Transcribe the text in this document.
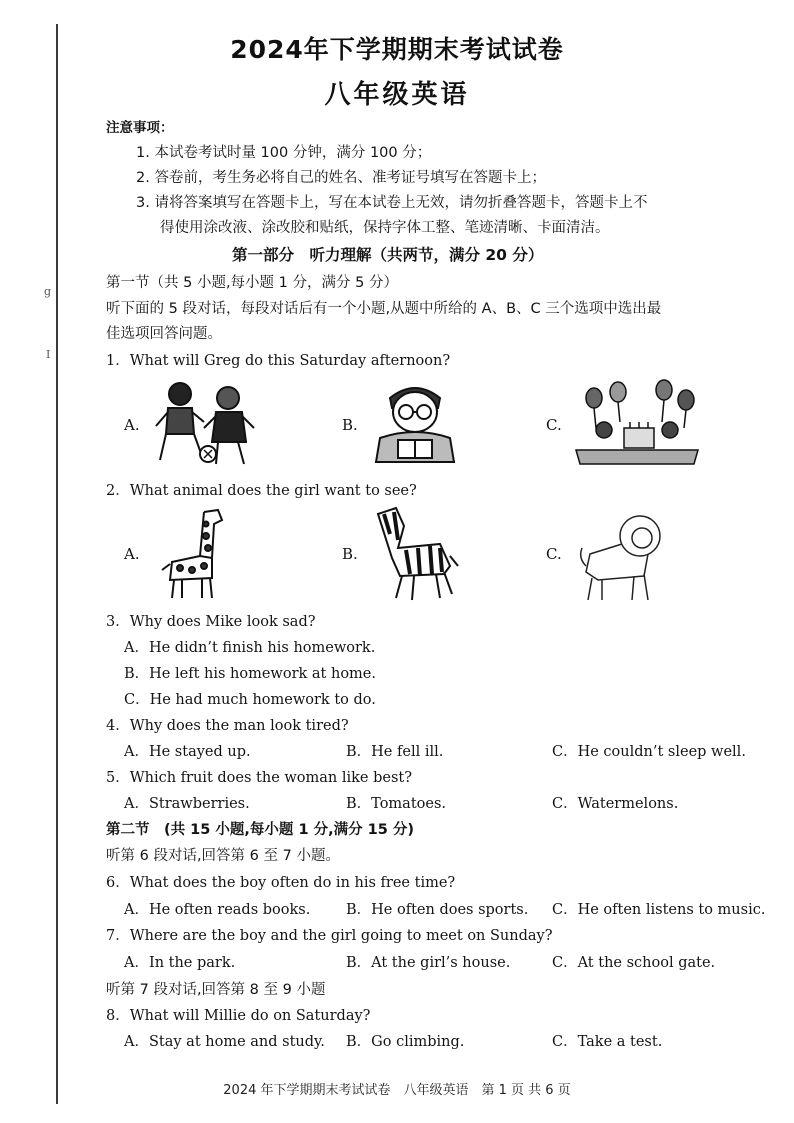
g
I
2024年下学期期末考试试卷
八年级英语
注意事项：
1. 本试卷考试时量 100 分钟，满分 100 分；
2. 答卷前，考生务必将自己的姓名、准考证号填写在答题卡上；
3. 请将答案填写在答题卡上，写在本试卷上无效，请勿折叠答题卡，答题卡上不
得使用涂改液、涂改胶和贴纸，保持字体工整、笔迹清晰、卡面清洁。
第一部分　听力理解（共两节，满分 20 分）
第一节（共 5 小题,每小题 1 分，满分 5 分）
听下面的 5 段对话，每段对话后有一个小题,从题中所给的 A、B、C 三个选项中选出最
佳选项回答问题。
1．What will Greg do this Saturday afternoon?
A.	B.	C.
2．What animal does the girl want to see?
A.	B.	C.
3．Why does Mike look sad?
A．He didn’t finish his homework.
B．He left his homework at home.
C．He had much homework to do.
4．Why does the man look tired?
A．He stayed up.	B．He fell ill.	C．He couldn’t sleep well.
5．Which fruit does the woman like best?
A．Strawberries.	B．Tomatoes.	C．Watermelons.
第二节　(共 15 小题,每小题 1 分,满分 15 分)
听第 6 段对话,回答第 6 至 7 小题。
6．What does the boy often do in his free time?
A．He often reads books. B．He often does sports. C．He often listens to music.
7．Where are the boy and the girl going to meet on Sunday?
A．In the park.	B．At the girl’s house.	C．At the school gate.
听第 7 段对话,回答第 8 至 9 小题
8．What will Millie do on Saturday?
A．Stay at home and study. B．Go climbing.	C．Take a test.
2024 年下学期期末考试试卷　八年级英语　第 1 页 共 6 页
